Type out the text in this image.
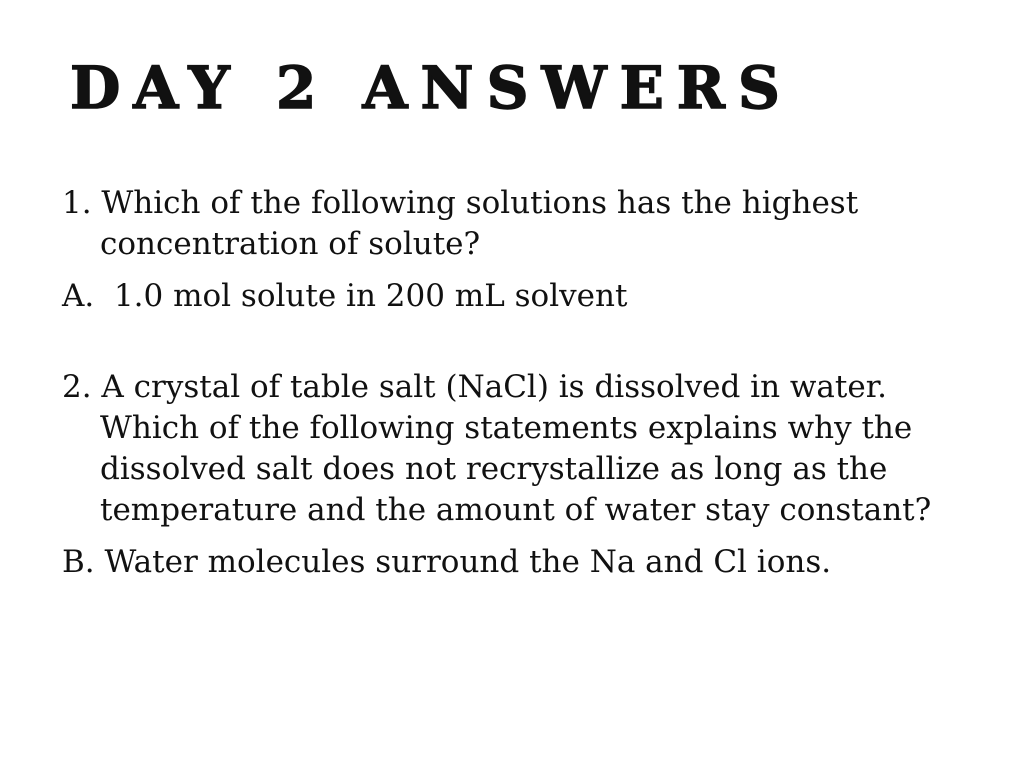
DAY 2 ANSWERS

1. Which of the following solutions has the highest concentration of solute?

A.  1.0 mol solute in 200 mL solvent

2. A crystal of table salt (NaCl) is dissolved in water. Which of the following statements explains why the dissolved salt does not recrystallize as long as the temperature and the amount of water stay constant?

B. Water molecules surround the Na and Cl ions.
